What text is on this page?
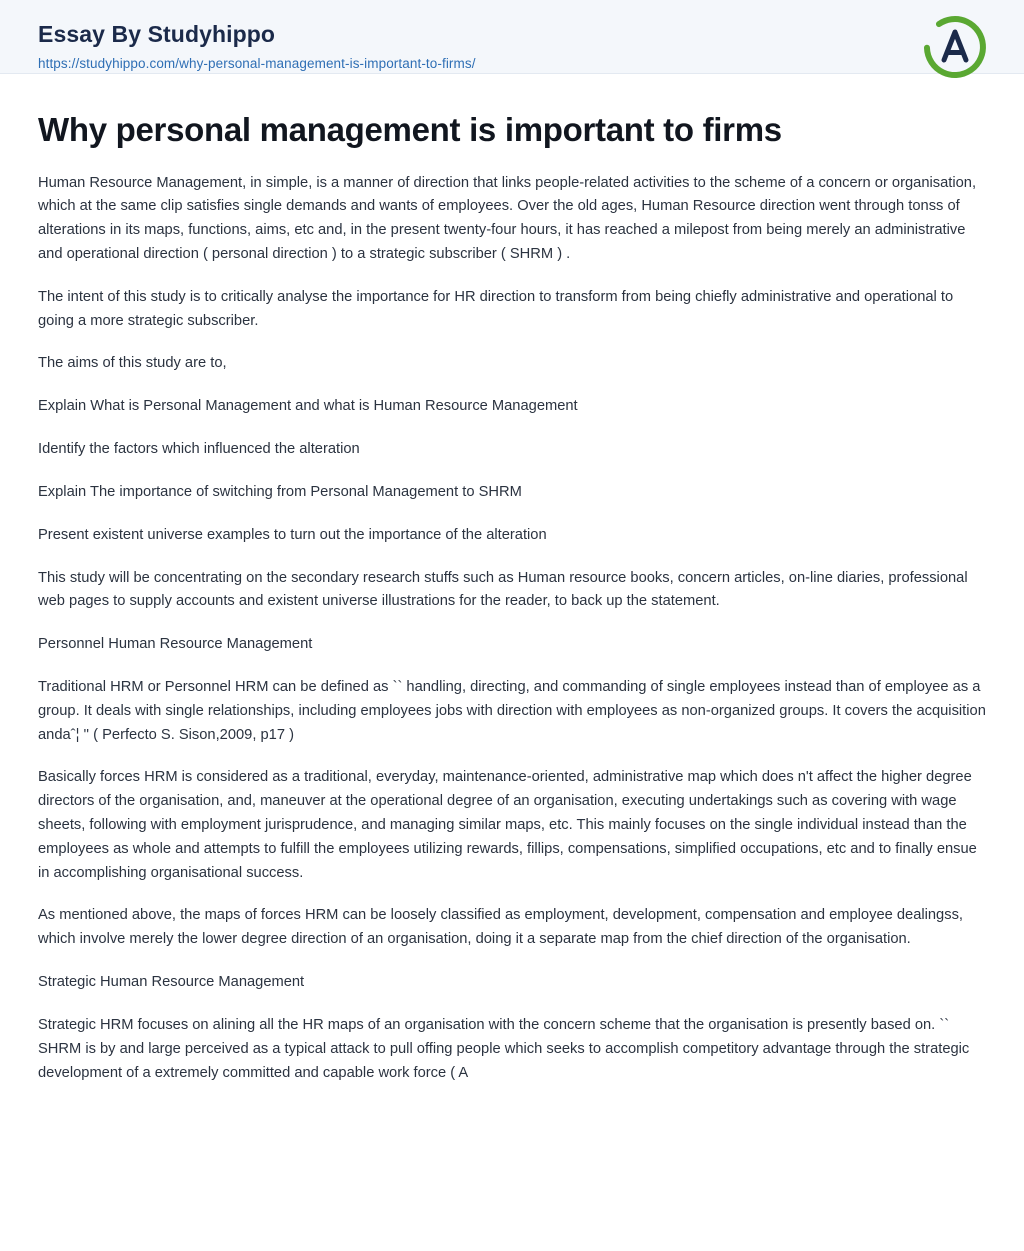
Essay By Studyhippo
https://studyhippo.com/why-personal-management-is-important-to-firms/
Why personal management is important to firms

Human Resource Management, in simple, is a manner of direction that links people-related activities to the scheme of a concern or organisation, which at the same clip satisfies single demands and wants of employees. Over the old ages, Human Resource direction went through tonss of alterations in its maps, functions, aims, etc and, in the present twenty-four hours, it has reached a milepost from being merely an administrative and operational direction ( personal direction ) to a strategic subscriber ( SHRM ) .

The intent of this study is to critically analyse the importance for HR direction to transform from being chiefly administrative and operational to going a more strategic subscriber.

The aims of this study are to,

Explain What is Personal Management and what is Human Resource Management

Identify the factors which influenced the alteration

Explain The importance of switching from Personal Management to SHRM

Present existent universe examples to turn out the importance of the alteration

This study will be concentrating on the secondary research stuffs such as Human resource books, concern articles, on-line diaries, professional web pages to supply accounts and existent universe illustrations for the reader, to back up the statement.

Personnel Human Resource Management

Traditional HRM or Personnel HRM can be defined as `` handling, directing, and commanding of single employees instead than of employee as a group. It deals with single relationships, including employees jobs with direction with employees as non-organized groups. It covers the acquisition andaˆ¦ '' ( Perfecto S. Sison,2009, p17 )

Basically forces HRM is considered as a traditional, everyday, maintenance-oriented, administrative map which does n't affect the higher degree directors of the organisation, and, maneuver at the operational degree of an organisation, executing undertakings such as covering with wage sheets, following with employment jurisprudence, and managing similar maps, etc. This mainly focuses on the single individual instead than the employees as whole and attempts to fulfill the employees utilizing rewards, fillips, compensations, simplified occupations, etc and to finally ensue in accomplishing organisational success.

As mentioned above, the maps of forces HRM can be loosely classified as employment, development, compensation and employee dealingss, which involve merely the lower degree direction of an organisation, doing it a separate map from the chief direction of the organisation.

Strategic Human Resource Management

Strategic HRM focuses on alining all the HR maps of an organisation with the concern scheme that the organisation is presently based on. `` SHRM is by and large perceived as a typical attack to pull offing people which seeks to accomplish competitory advantage through the strategic development of a extremely committed and capable work force ( A
